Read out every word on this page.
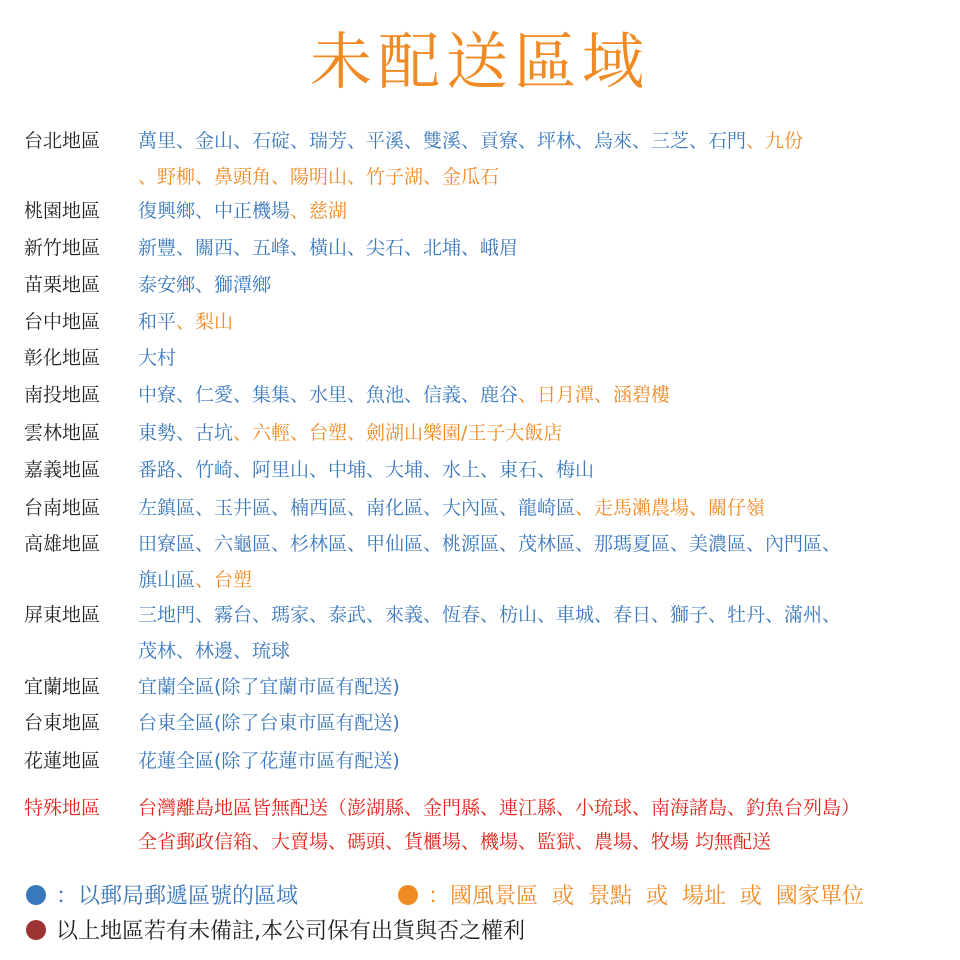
未配送區域
台北地區 萬里、金山、石碇、瑞芳、平溪、雙溪、貢寮、坪林、烏來、三芝、石門、九份
、野柳、鼻頭角、陽明山、竹子湖、金瓜石
桃園地區 復興鄉、中正機場、慈湖
新竹地區 新豐、關西、五峰、橫山、尖石、北埔、峨眉
苗栗地區 泰安鄉、獅潭鄉
台中地區 和平、梨山
彰化地區 大村
南投地區 中寮、仁愛、集集、水里、魚池、信義、鹿谷、日月潭、涵碧樓
雲林地區 東勢、古坑、六輕、台塑、劍湖山樂園/王子大飯店
嘉義地區 番路、竹崎、阿里山、中埔、大埔、水上、東石、梅山
台南地區 左鎮區、玉井區、楠西區、南化區、大內區、龍崎區、走馬瀨農場、關仔嶺
高雄地區 田寮區、六龜區、杉林區、甲仙區、桃源區、茂林區、那瑪夏區、美濃區、內門區、
旗山區、台塑
屏東地區 三地門、霧台、瑪家、泰武、來義、恆春、枋山、車城、春日、獅子、牡丹、滿州、
茂林、林邊、琉球
宜蘭地區 宜蘭全區(除了宜蘭市區有配送)
台東地區 台東全區(除了台東市區有配送)
花蓮地區 花蓮全區(除了花蓮市區有配送)
特殊地區 台灣離島地區皆無配送（澎湖縣、金門縣、連江縣、小琉球、南海諸島、釣魚台列島）
全省郵政信箱、大賣場、碼頭、貨櫃場、機場、監獄、農場、牧場 均無配送
：以郵局郵遞區號的區域	：國風景區  或  景點  或  場址  或  國家單位
以上地區若有未備註,本公司保有出貨與否之權利
